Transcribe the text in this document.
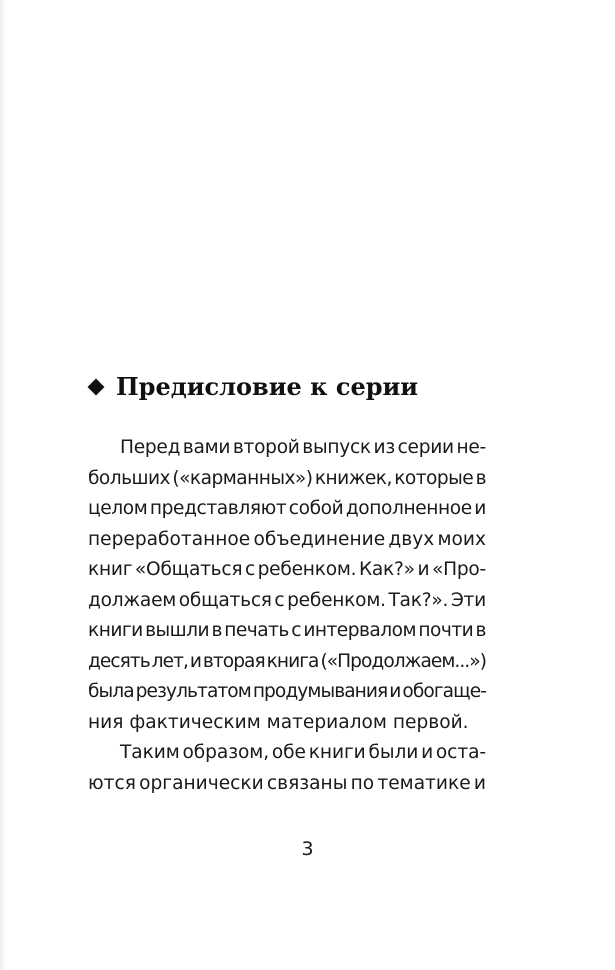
Предисловие к серии
Перед вами второй выпуск из серии не-
больших («карманных») книжек, которые в
целом представляют собой дополненное и
переработанное объединение двух моих
книг «Общаться с ребенком. Как?» и «Про-
должаем общаться с ребенком. Так?». Эти
книги вышли в печать с интервалом почти в
десять лет, и вторая книга («Продолжаем...»)
была результатом продумывания и обогаще-
ния фактическим материалом первой.
Таким образом, обе книги были и оста-
ются органически связаны по тематике и
3
